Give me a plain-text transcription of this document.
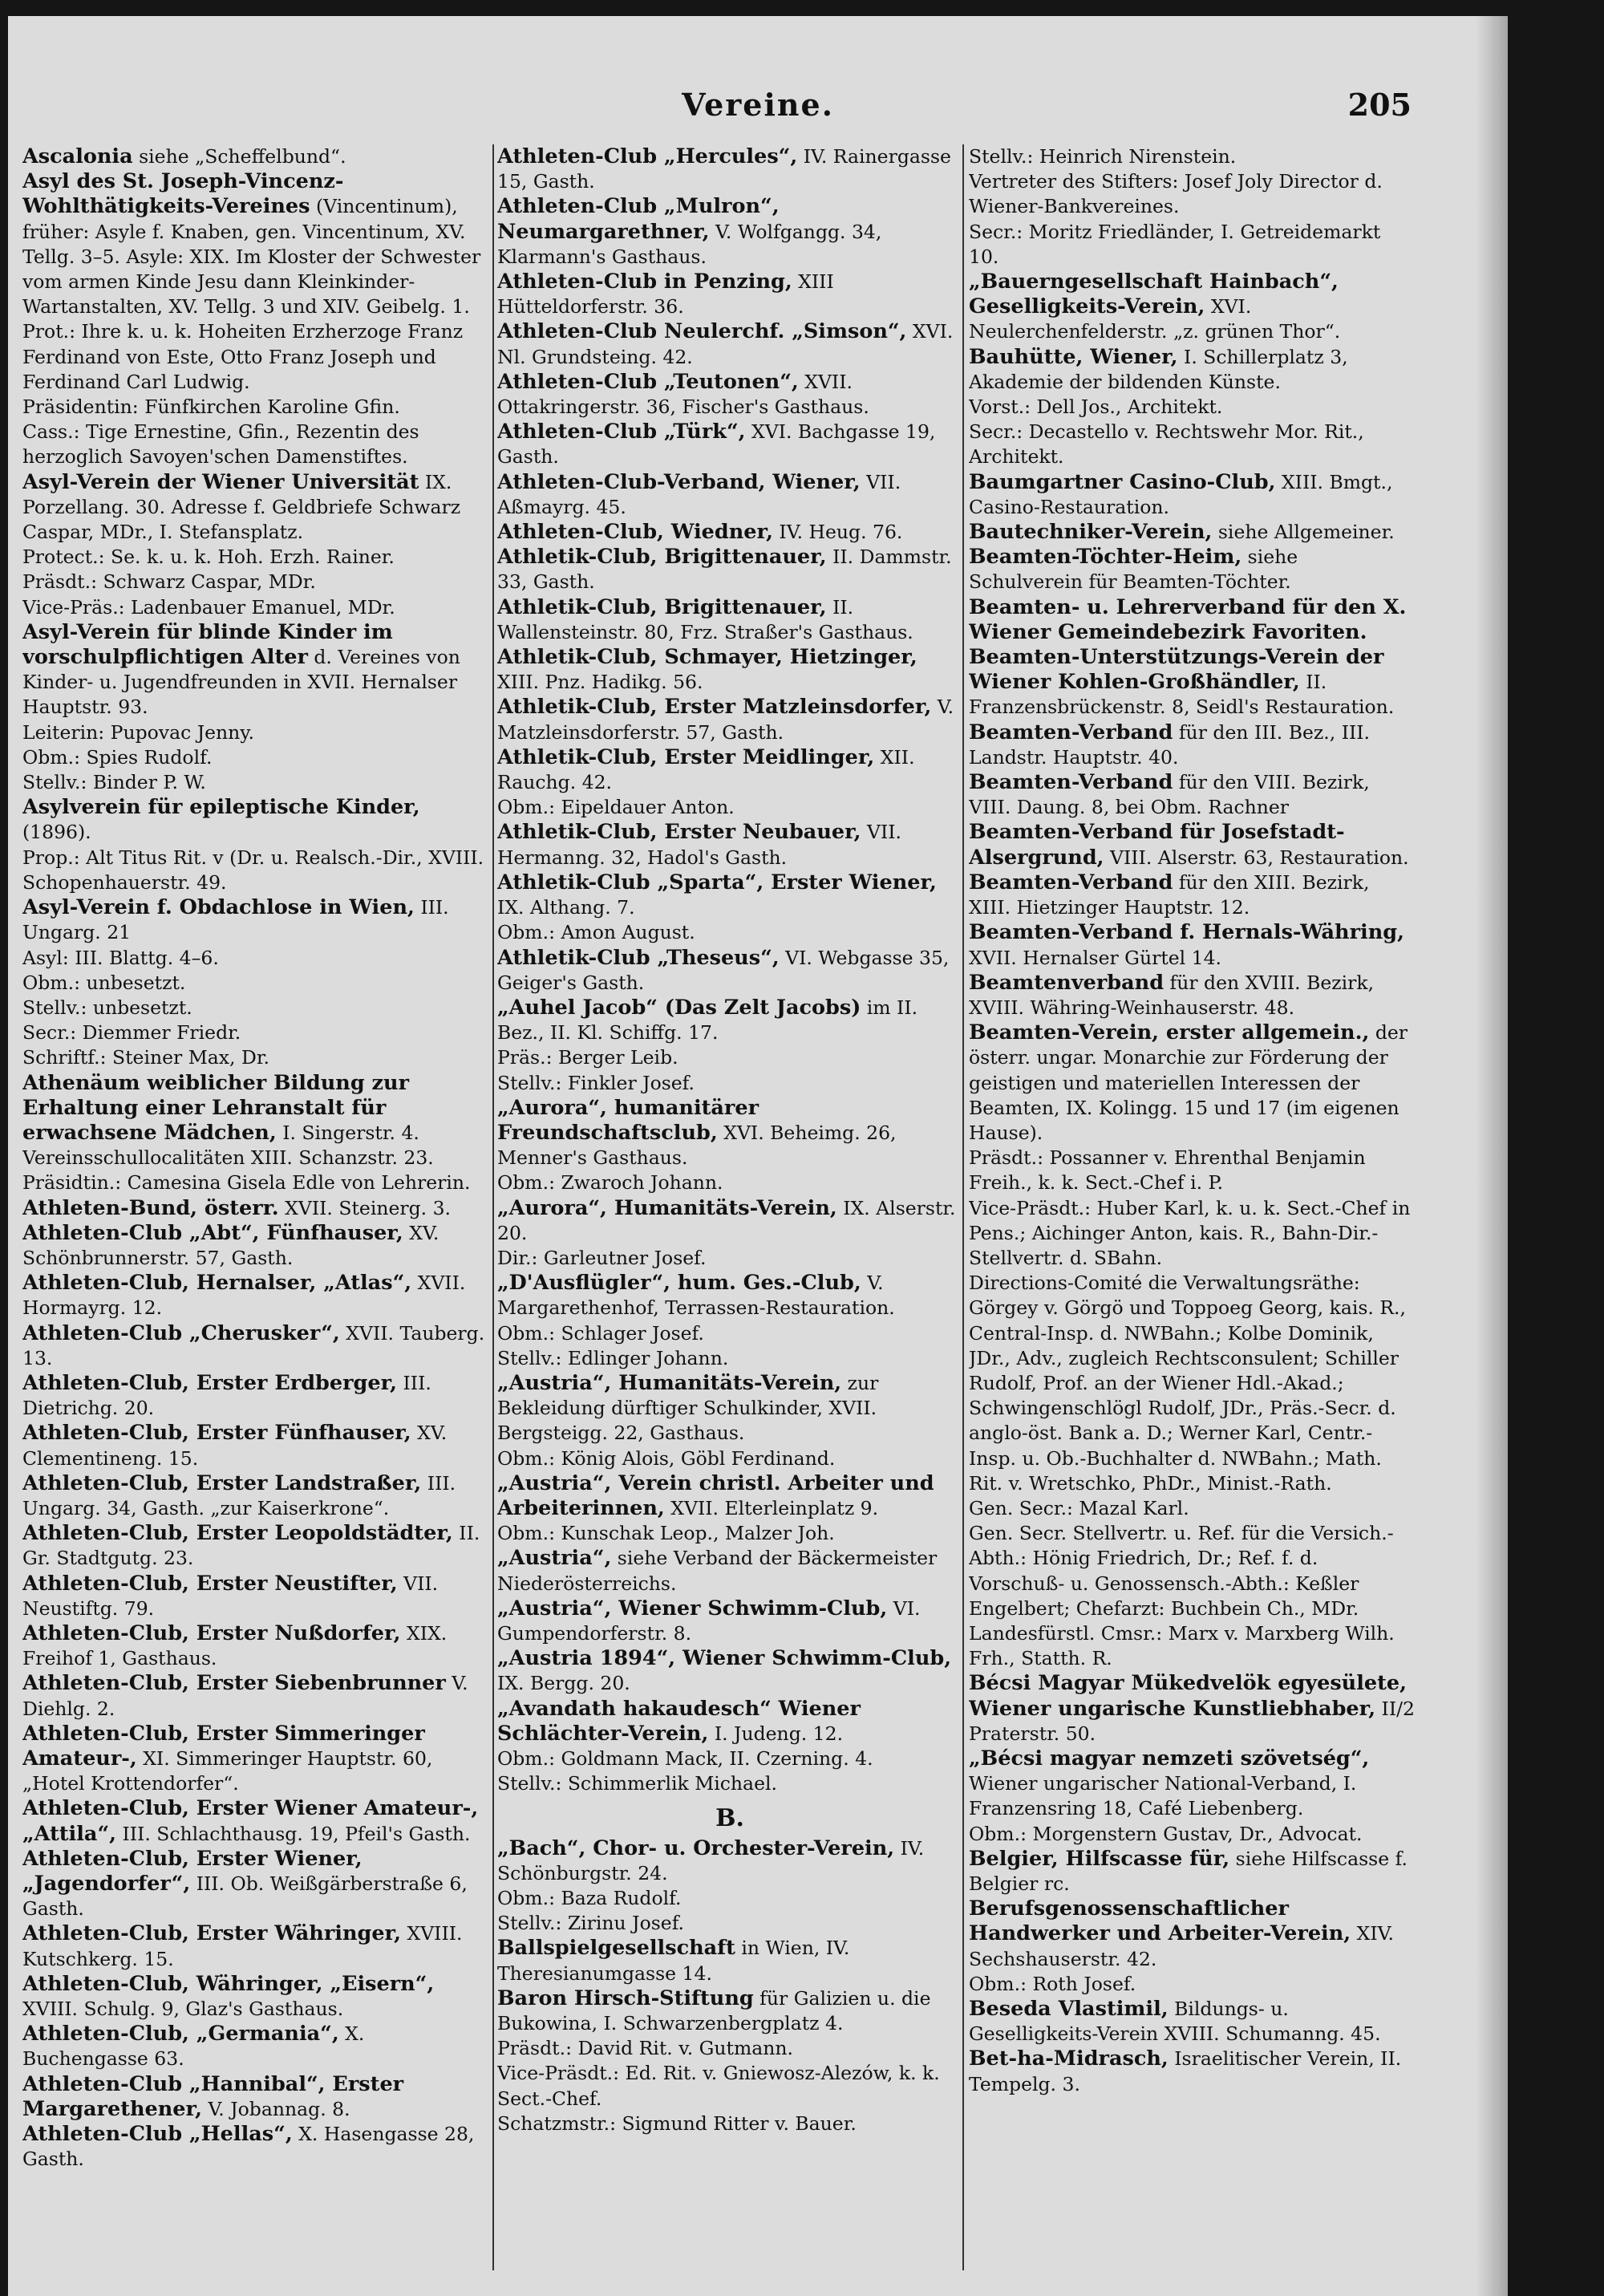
Vereine.	205
Ascalonia siehe „Scheffelbund“.
Asyl des St. Joseph-Vincenz-Wohlthätigkeits-Vereines (Vincentinum), früher: Asyle f. Knaben, gen. Vincentinum, XV. Tellg. 3–5. Asyle: XIX. Im Kloster der Schwester vom armen Kinde Jesu dann Kleinkinder-Wartanstalten, XV. Tellg. 3 und XIV. Geibelg. 1.
Prot.: Ihre k. u. k. Hoheiten Erzherzoge Franz Ferdinand von Este, Otto Franz Joseph und Ferdinand Carl Ludwig.
Präsidentin: Fünfkirchen Karoline Gfin.
Cass.: Tige Ernestine, Gfin., Rezentin des herzoglich Savoyen'schen Damenstiftes.
Asyl-Verein der Wiener Universität IX. Porzellang. 30. Adresse f. Geldbriefe Schwarz Caspar, MDr., I. Stefansplatz.
Protect.: Se. k. u. k. Hoh. Erzh. Rainer.
Präsdt.: Schwarz Caspar, MDr.
Vice-Präs.: Ladenbauer Emanuel, MDr.
Asyl-Verein für blinde Kinder im vorschulpflichtigen Alter d. Vereines von Kinder- u. Jugendfreunden in XVII. Hernalser Hauptstr. 93.
Leiterin: Pupovac Jenny.
Obm.: Spies Rudolf.
Stellv.: Binder P. W.
Asylverein für epileptische Kinder, (1896).
Prop.: Alt Titus Rit. v (Dr. u. Realsch.-Dir., XVIII. Schopenhauerstr. 49.
Asyl-Verein f. Obdachlose in Wien, III. Ungarg. 21
Asyl: III. Blattg. 4–6.
Obm.: unbesetzt.
Stellv.: unbesetzt.
Secr.: Diemmer Friedr.
Schriftf.: Steiner Max, Dr.
Athenäum weiblicher Bildung zur Erhaltung einer Lehranstalt für erwachsene Mädchen, I. Singerstr. 4. Vereinsschullocalitäten XIII. Schanzstr. 23.
Präsidtin.: Camesina Gisela Edle von Lehrerin.
Athleten-Bund, österr. XVII. Steinerg. 3.
Athleten-Club „Abt“, Fünfhauser, XV. Schönbrunnerstr. 57, Gasth.
Athleten-Club, Hernalser, „Atlas“, XVII. Hormayrg. 12.
Athleten-Club „Cherusker“, XVII. Tauberg. 13.
Athleten-Club, Erster Erdberger, III. Dietrichg. 20.
Athleten-Club, Erster Fünfhauser, XV. Clementineng. 15.
Athleten-Club, Erster Landstraßer, III. Ungarg. 34, Gasth. „zur Kaiserkrone“.
Athleten-Club, Erster Leopoldstädter, II. Gr. Stadtgutg. 23.
Athleten-Club, Erster Neustifter, VII. Neustiftg. 79.
Athleten-Club, Erster Nußdorfer, XIX. Freihof 1, Gasthaus.
Athleten-Club, Erster Siebenbrunner V. Diehlg. 2.
Athleten-Club, Erster Simmeringer Amateur-, XI. Simmeringer Hauptstr. 60, „Hotel Krottendorfer“.
Athleten-Club, Erster Wiener Amateur-, „Attila“, III. Schlachthausg. 19, Pfeil's Gasth.
Athleten-Club, Erster Wiener, „Jagendorfer“, III. Ob. Weißgärberstraße 6, Gasth.
Athleten-Club, Erster Währinger, XVIII. Kutschkerg. 15.
Athleten-Club, Währinger, „Eisern“, XVIII. Schulg. 9, Glaz's Gasthaus.
Athleten-Club, „Germania“, X. Buchengasse 63.
Athleten-Club „Hannibal“, Erster Margarethener, V. Jobannag. 8.
Athleten-Club „Hellas“, X. Hasengasse 28, Gasth.
Athleten-Club „Hercules“, IV. Rainergasse 15, Gasth.
Athleten-Club „Mulron“, Neumargarethner, V. Wolfgangg. 34, Klarmann's Gasthaus.
Athleten-Club in Penzing, XIII Hütteldorferstr. 36.
Athleten-Club Neulerchf. „Simson“, XVI. Nl. Grundsteing. 42.
Athleten-Club „Teutonen“, XVII. Ottakringerstr. 36, Fischer's Gasthaus.
Athleten-Club „Türk“, XVI. Bachgasse 19, Gasth.
Athleten-Club-Verband, Wiener, VII. Aßmayrg. 45.
Athleten-Club, Wiedner, IV. Heug. 76.
Athletik-Club, Brigittenauer, II. Dammstr. 33, Gasth.
Athletik-Club, Brigittenauer, II. Wallensteinstr. 80, Frz. Straßer's Gasthaus.
Athletik-Club, Schmayer, Hietzinger, XIII. Pnz. Hadikg. 56.
Athletik-Club, Erster Matzleinsdorfer, V. Matzleinsdorferstr. 57, Gasth.
Athletik-Club, Erster Meidlinger, XII. Rauchg. 42.
Obm.: Eipeldauer Anton.
Athletik-Club, Erster Neubauer, VII. Hermanng. 32, Hadol's Gasth.
Athletik-Club „Sparta“, Erster Wiener, IX. Althang. 7.
Obm.: Amon August.
Athletik-Club „Theseus“, VI. Webgasse 35, Geiger's Gasth.
„Auhel Jacob“ (Das Zelt Jacobs) im II. Bez., II. Kl. Schiffg. 17.
Präs.: Berger Leib.
Stellv.: Finkler Josef.
„Aurora“, humanitärer Freundschaftsclub, XVI. Beheimg. 26, Menner's Gasthaus.
Obm.: Zwaroch Johann.
„Aurora“, Humanitäts-Verein, IX. Alserstr. 20.
Dir.: Garleutner Josef.
„D'Ausflügler“, hum. Ges.-Club, V. Margarethenhof, Terrassen-Restauration.
Obm.: Schlager Josef.
Stellv.: Edlinger Johann.
„Austria“, Humanitäts-Verein, zur Bekleidung dürftiger Schulkinder, XVII. Bergsteigg. 22, Gasthaus.
Obm.: König Alois, Göbl Ferdinand.
„Austria“, Verein christl. Arbeiter und Arbeiterinnen, XVII. Elterleinplatz 9.
Obm.: Kunschak Leop., Malzer Joh.
„Austria“, siehe Verband der Bäckermeister Niederösterreichs.
„Austria“, Wiener Schwimm-Club, VI. Gumpendorferstr. 8.
„Austria 1894“, Wiener Schwimm-Club, IX. Bergg. 20.
„Avandath hakaudesch“ Wiener Schlächter-Verein, I. Judeng. 12.
Obm.: Goldmann Mack, II. Czerning. 4.
Stellv.: Schimmerlik Michael.
B.
„Bach“, Chor- u. Orchester-Verein, IV. Schönburgstr. 24.
Obm.: Baza Rudolf.
Stellv.: Zirinu Josef.
Ballspielgesellschaft in Wien, IV. Theresianumgasse 14.
Baron Hirsch-Stiftung für Galizien u. die Bukowina, I. Schwarzenbergplatz 4.
Präsdt.: David Rit. v. Gutmann.
Vice-Präsdt.: Ed. Rit. v. Gniewosz-Alezów, k. k. Sect.-Chef.
Schatzmstr.: Sigmund Ritter v. Bauer.
Stellv.: Heinrich Nirenstein.
Vertreter des Stifters: Josef Joly Director d. Wiener-Bankvereines.
Secr.: Moritz Friedländer, I. Getreidemarkt 10.
„Bauerngesellschaft Hainbach“, Geselligkeits-Verein, XVI. Neulerchenfelderstr. „z. grünen Thor“.
Bauhütte, Wiener, I. Schillerplatz 3, Akademie der bildenden Künste.
Vorst.: Dell Jos., Architekt.
Secr.: Decastello v. Rechtswehr Mor. Rit., Architekt.
Baumgartner Casino-Club, XIII. Bmgt., Casino-Restauration.
Bautechniker-Verein, siehe Allgemeiner.
Beamten-Töchter-Heim, siehe Schulverein für Beamten-Töchter.
Beamten- u. Lehrerverband für den X. Wiener Gemeindebezirk Favoriten.
Beamten-Unterstützungs-Verein der Wiener Kohlen-Großhändler, II. Franzensbrückenstr. 8, Seidl's Restauration.
Beamten-Verband für den III. Bez., III. Landstr. Hauptstr. 40.
Beamten-Verband für den VIII. Bezirk, VIII. Daung. 8, bei Obm. Rachner
Beamten-Verband für Josefstadt-Alsergrund, VIII. Alserstr. 63, Restauration.
Beamten-Verband für den XIII. Bezirk, XIII. Hietzinger Hauptstr. 12.
Beamten-Verband f. Hernals-Währing, XVII. Hernalser Gürtel 14.
Beamtenverband für den XVIII. Bezirk, XVIII. Währing-Weinhauserstr. 48.
Beamten-Verein, erster allgemein., der österr. ungar. Monarchie zur Förderung der geistigen und materiellen Interessen der Beamten, IX. Kolingg. 15 und 17 (im eigenen Hause).
Präsdt.: Possanner v. Ehrenthal Benjamin Freih., k. k. Sect.-Chef i. P.
Vice-Präsdt.: Huber Karl, k. u. k. Sect.-Chef in Pens.; Aichinger Anton, kais. R., Bahn-Dir.-Stellvertr. d. SBahn.
Directions-Comité die Verwaltungsräthe: Görgey v. Görgö und Toppoeg Georg, kais. R., Central-Insp. d. NWBahn.; Kolbe Dominik, JDr., Adv., zugleich Rechtsconsulent; Schiller Rudolf, Prof. an der Wiener Hdl.-Akad.; Schwingenschlögl Rudolf, JDr., Präs.-Secr. d. anglo-öst. Bank a. D.; Werner Karl, Centr.-Insp. u. Ob.-Buchhalter d. NWBahn.; Math. Rit. v. Wretschko, PhDr., Minist.-Rath.
Gen. Secr.: Mazal Karl.
Gen. Secr. Stellvertr. u. Ref. für die Versich.-Abth.: Hönig Friedrich, Dr.; Ref. f. d. Vorschuß- u. Genossensch.-Abth.: Keßler Engelbert; Chefarzt: Buchbein Ch., MDr.
Landesfürstl. Cmsr.: Marx v. Marxberg Wilh. Frh., Statth. R.
Bécsi Magyar Mükedvelök egyesülete, Wiener ungarische Kunstliebhaber, II/2 Praterstr. 50.
„Bécsi magyar nemzeti szövetség“, Wiener ungarischer National-Verband, I. Franzensring 18, Café Liebenberg.
Obm.: Morgenstern Gustav, Dr., Advocat.
Belgier, Hilfscasse für, siehe Hilfscasse f. Belgier rc.
Berufsgenossenschaftlicher Handwerker und Arbeiter-Verein, XIV. Sechshauserstr. 42.
Obm.: Roth Josef.
Beseda Vlastimil, Bildungs- u. Geselligkeits-Verein XVIII. Schumanng. 45.
Bet-ha-Midrasch, Israelitischer Verein, II. Tempelg. 3.
